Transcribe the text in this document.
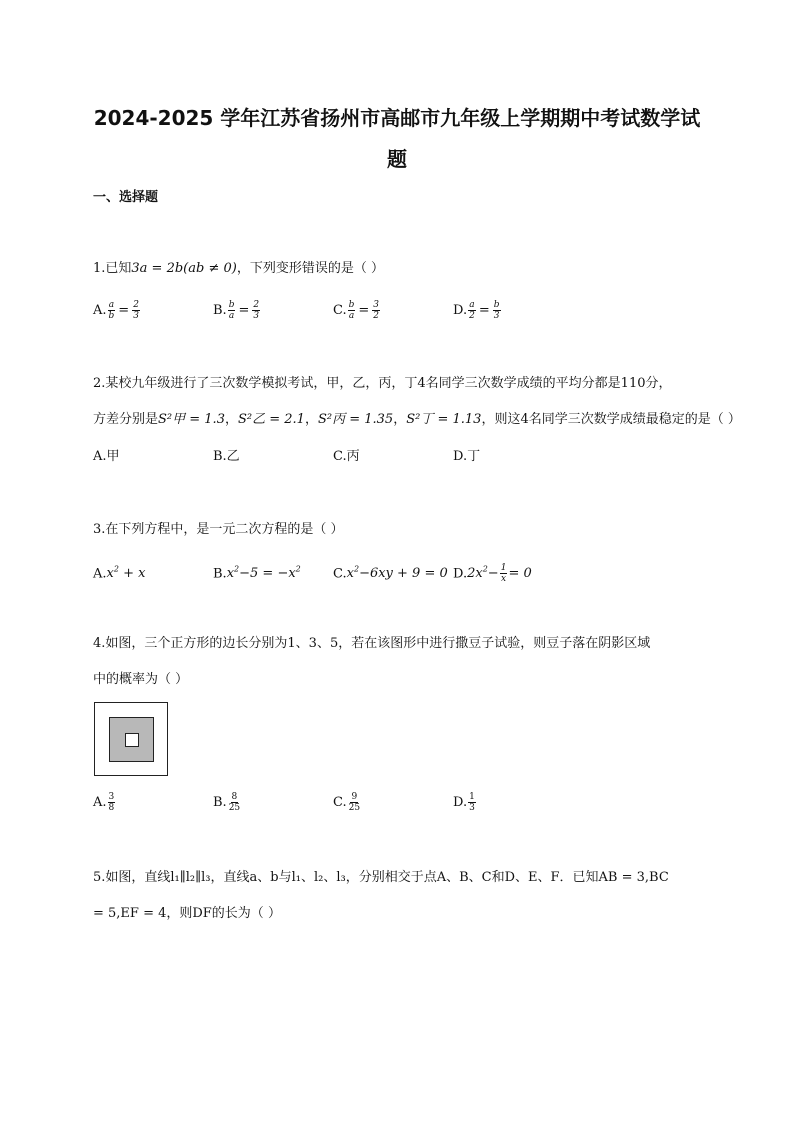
2024-2025 学年江苏省扬州市高邮市九年级上学期期中考试数学试
题
一、选择题
1.已知3a = 2b(ab ≠ 0)，下列变形错误的是（ ）
A. $\frac{a}{b} = \frac{2}{3}$	B. $\frac{b}{a} = \frac{2}{3}$	C. $\frac{b}{a} = \frac{3}{2}$	D. $\frac{a}{2} = \frac{b}{3}$
2.某校九年级进行了三次数学模拟考试，甲，乙，丙，丁4名同学三次数学成绩的平均分都是110分，
方差分别是S²甲 = 1.3，S²乙 = 2.1，S²丙 = 1.35，S²丁 = 1.13，则这4名同学三次数学成绩最稳定的是（ ）
A.甲	B.乙	C.丙	D.丁
3.在下列方程中，是一元二次方程的是（ ）
$A.x^2 + x$	$B.x^2-5 = -x^2$ $C.x^2-6xy + 9 = 0$ $D.2x^2- \frac{1}{x} = 0$
4.如图，三个正方形的边长分别为1、3、5，若在该图形中进行撒豆子试验，则豆子落在阴影区域
中的概率为（ ）
A. $\frac{3}{8}$	B. $\frac{8}{25}$	C. $\frac{9}{25}$	D. $\frac{1}{3}$
5.如图，直线l₁∥l₂∥l₃，直线a、b与l₁、l₂、l₃，分别相交于点A、B、C和D、E、F．已知AB = 3,BC
= 5,EF = 4，则DF的长为（ ）
